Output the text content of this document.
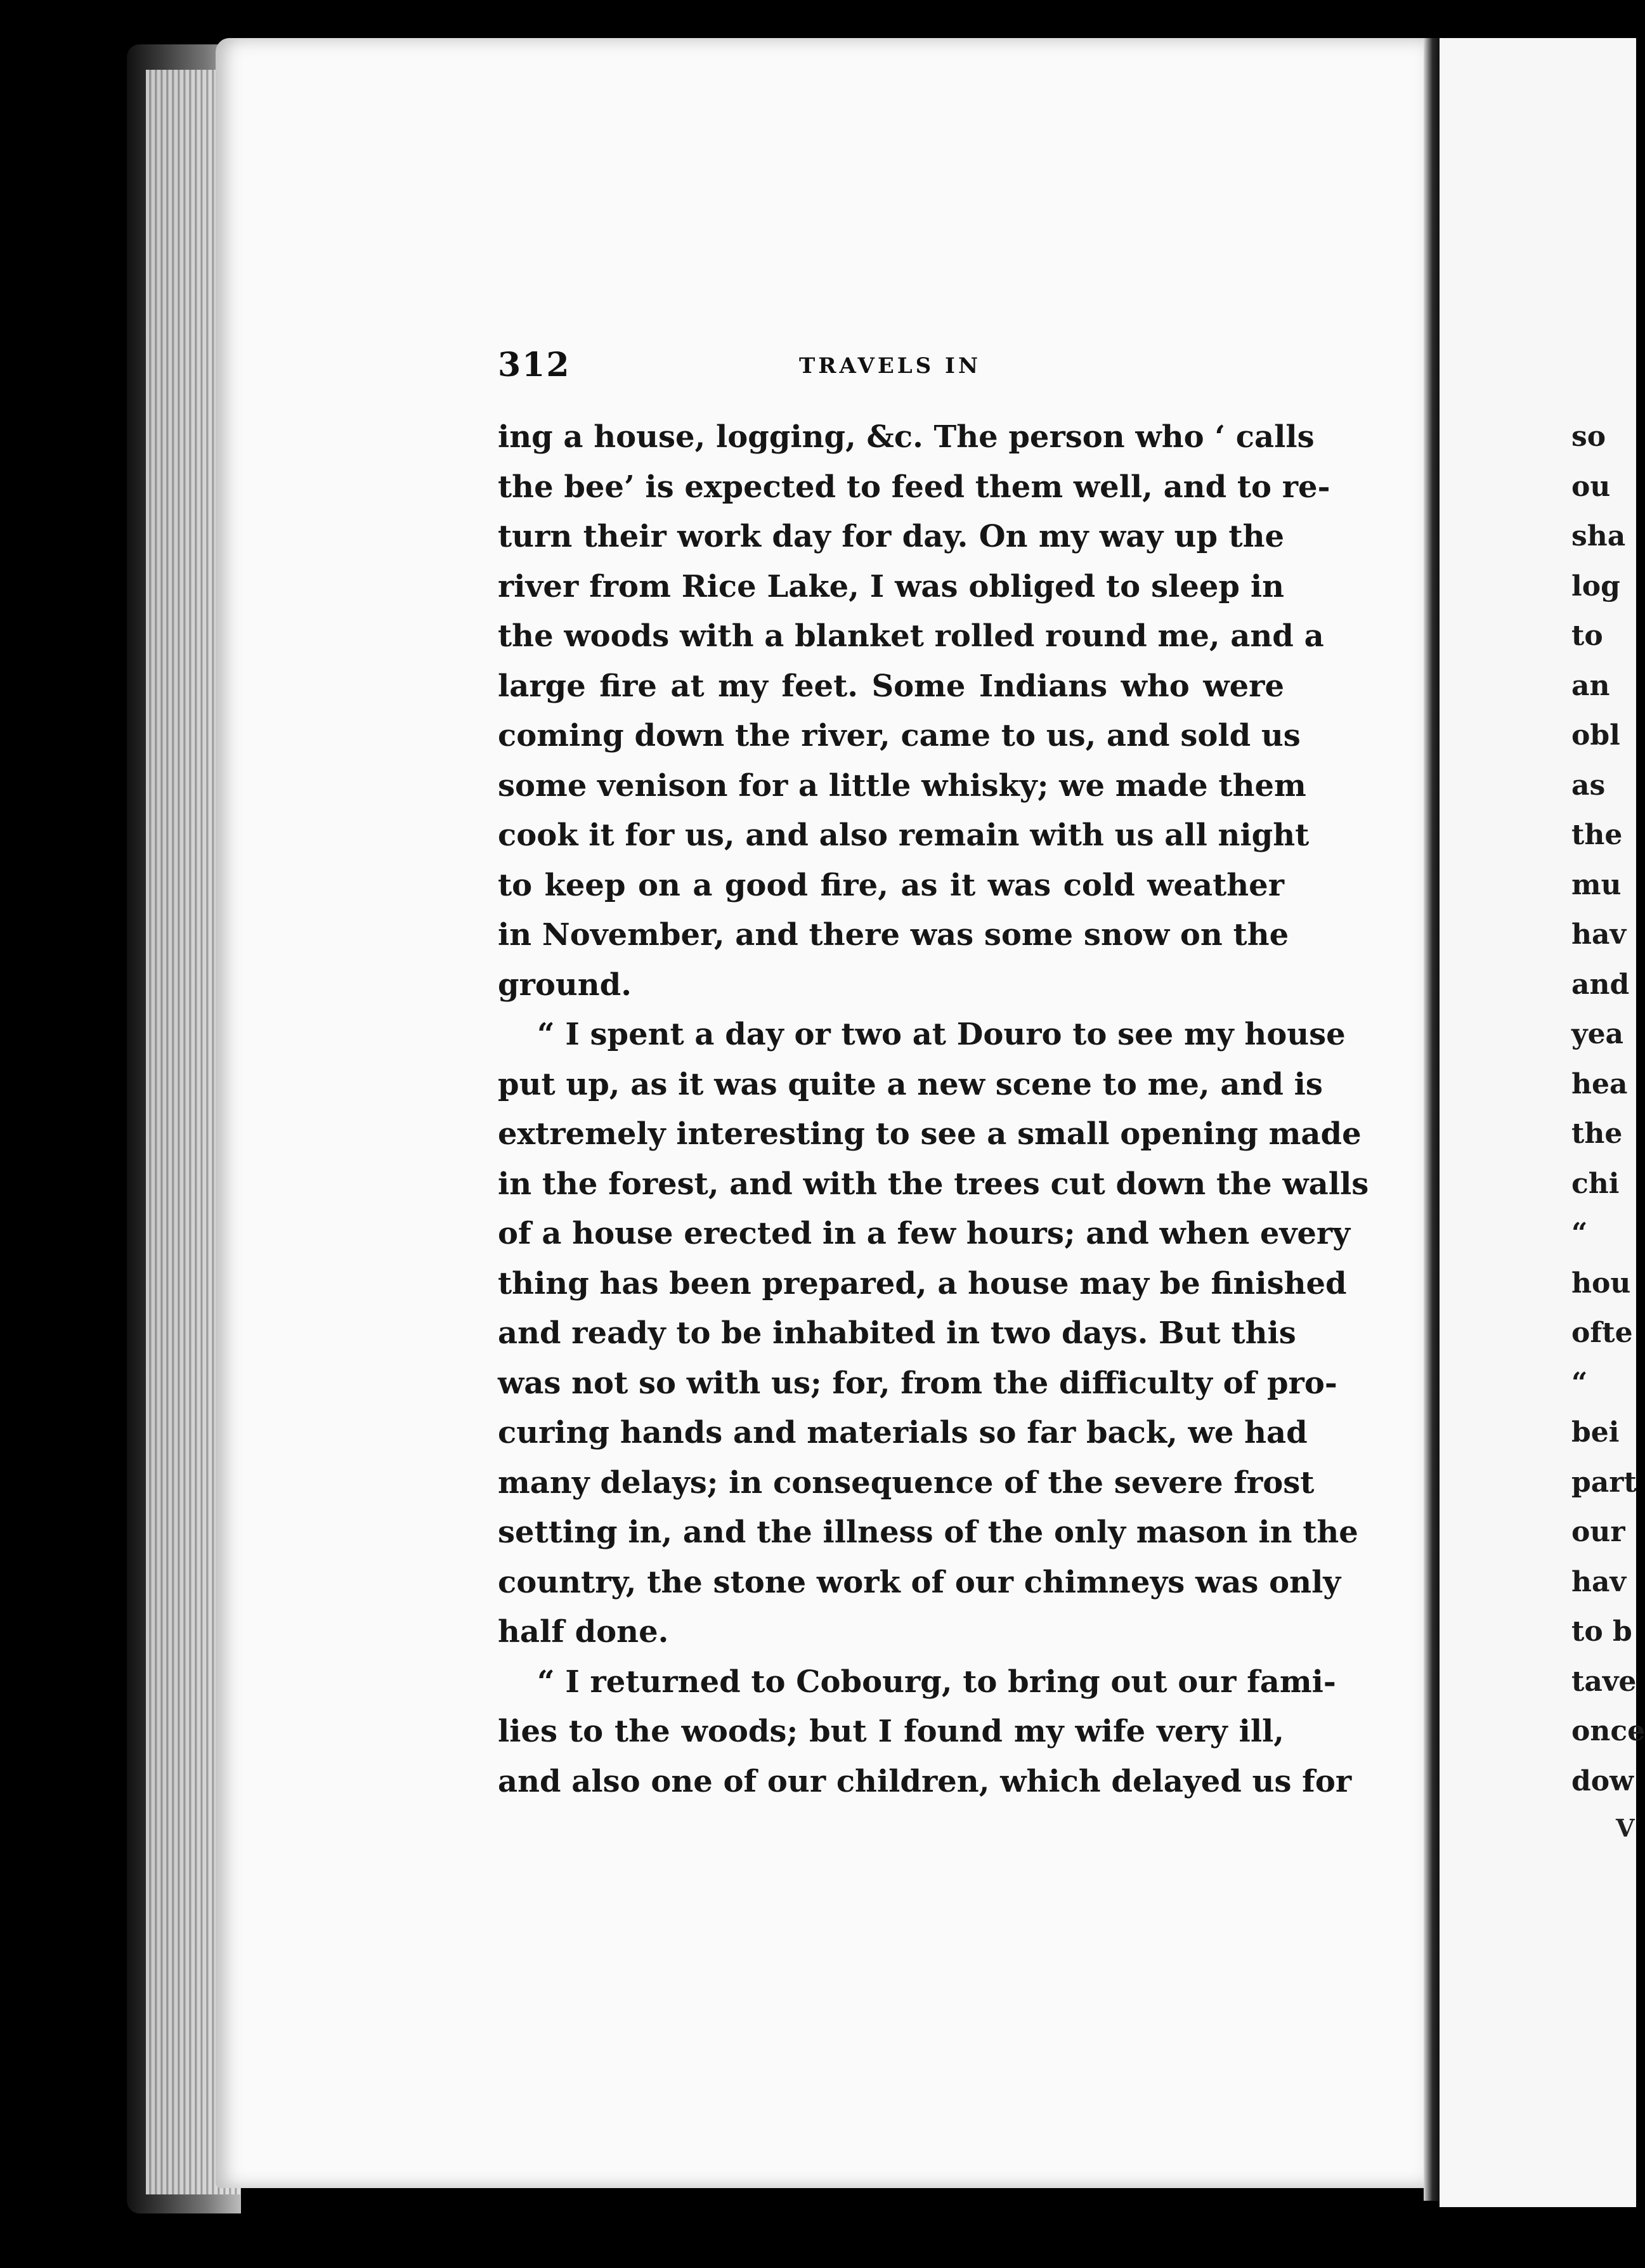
312	TRAVELS IN
ing a house, logging, &c. The person who ‘ calls
the bee’ is expected to feed them well, and to re-
turn their work day for day. On my way up the
river from Rice Lake, I was obliged to sleep in
the woods with a blanket rolled round me, and a
large fire at my feet. Some Indians who were
coming down the river, came to us, and sold us
some venison for a little whisky; we made them
cook it for us, and also remain with us all night
to keep on a good fire, as it was cold weather
in November, and there was some snow on the
ground.
“ I spent a day or two at Douro to see my house
put up, as it was quite a new scene to me, and is
extremely interesting to see a small opening made
in the forest, and with the trees cut down the walls
of a house erected in a few hours; and when every
thing has been prepared, a house may be finished
and ready to be inhabited in two days. But this
was not so with us; for, from the difficulty of pro-
curing hands and materials so far back, we had
many delays; in consequence of the severe frost
setting in, and the illness of the only mason in the
country, the stone work of our chimneys was only
half done.
“ I returned to Cobourg, to bring out our fami-
lies to the woods; but I found my wife very ill,
and also one of our children, which delayed us for
so
ou
sha
log
to
an
obl
as
the
mu
hav
and
yea
hea
the
chi
“
hou
ofte
“
bei
part
our
hav
to b
tave
once
dow
V
